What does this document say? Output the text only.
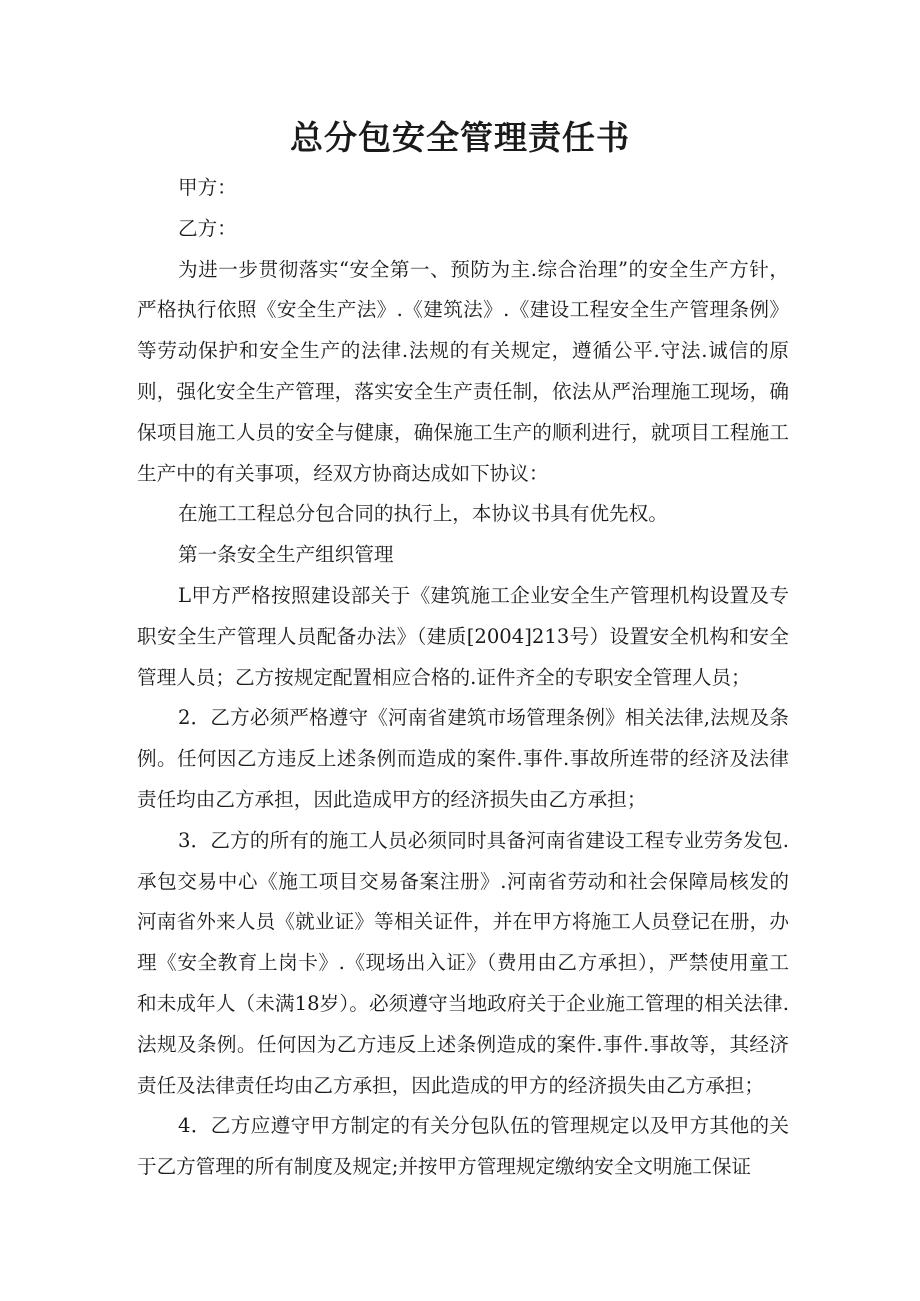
总分包安全管理责任书

甲方：

乙方：

为进一步贯彻落实“安全第一、预防为主.综合治理”的安全生产方针，严格执行依照《安全生产法》.《建筑法》.《建设工程安全生产管理条例》等劳动保护和安全生产的法律.法规的有关规定，遵循公平.守法.诚信的原则，强化安全生产管理，落实安全生产责任制，依法从严治理施工现场，确保项目施工人员的安全与健康，确保施工生产的顺利进行，就项目工程施工生产中的有关事项，经双方协商达成如下协议：

在施工工程总分包合同的执行上，本协议书具有优先权。

第一条安全生产组织管理

L甲方严格按照建设部关于《建筑施工企业安全生产管理机构设置及专职安全生产管理人员配备办法》（建质[2004]213号）设置安全机构和安全管理人员；乙方按规定配置相应合格的.证件齐全的专职安全管理人员；

2．乙方必须严格遵守《河南省建筑市场管理条例》相关法律,法规及条例。任何因乙方违反上述条例而造成的案件.事件.事故所连带的经济及法律责任均由乙方承担，因此造成甲方的经济损失由乙方承担；

3．乙方的所有的施工人员必须同时具备河南省建设工程专业劳务发包.承包交易中心《施工项目交易备案注册》.河南省劳动和社会保障局核发的河南省外来人员《就业证》等相关证件，并在甲方将施工人员登记在册，办理《安全教育上岗卡》.《现场出入证》（费用由乙方承担），严禁使用童工和未成年人（未满18岁）。必须遵守当地政府关于企业施工管理的相关法律.法规及条例。任何因为乙方违反上述条例造成的案件.事件.事故等，其经济责任及法律责任均由乙方承担，因此造成的甲方的经济损失由乙方承担；

4．乙方应遵守甲方制定的有关分包队伍的管理规定以及甲方其他的关于乙方管理的所有制度及规定;并按甲方管理规定缴纳安全文明施工保证
